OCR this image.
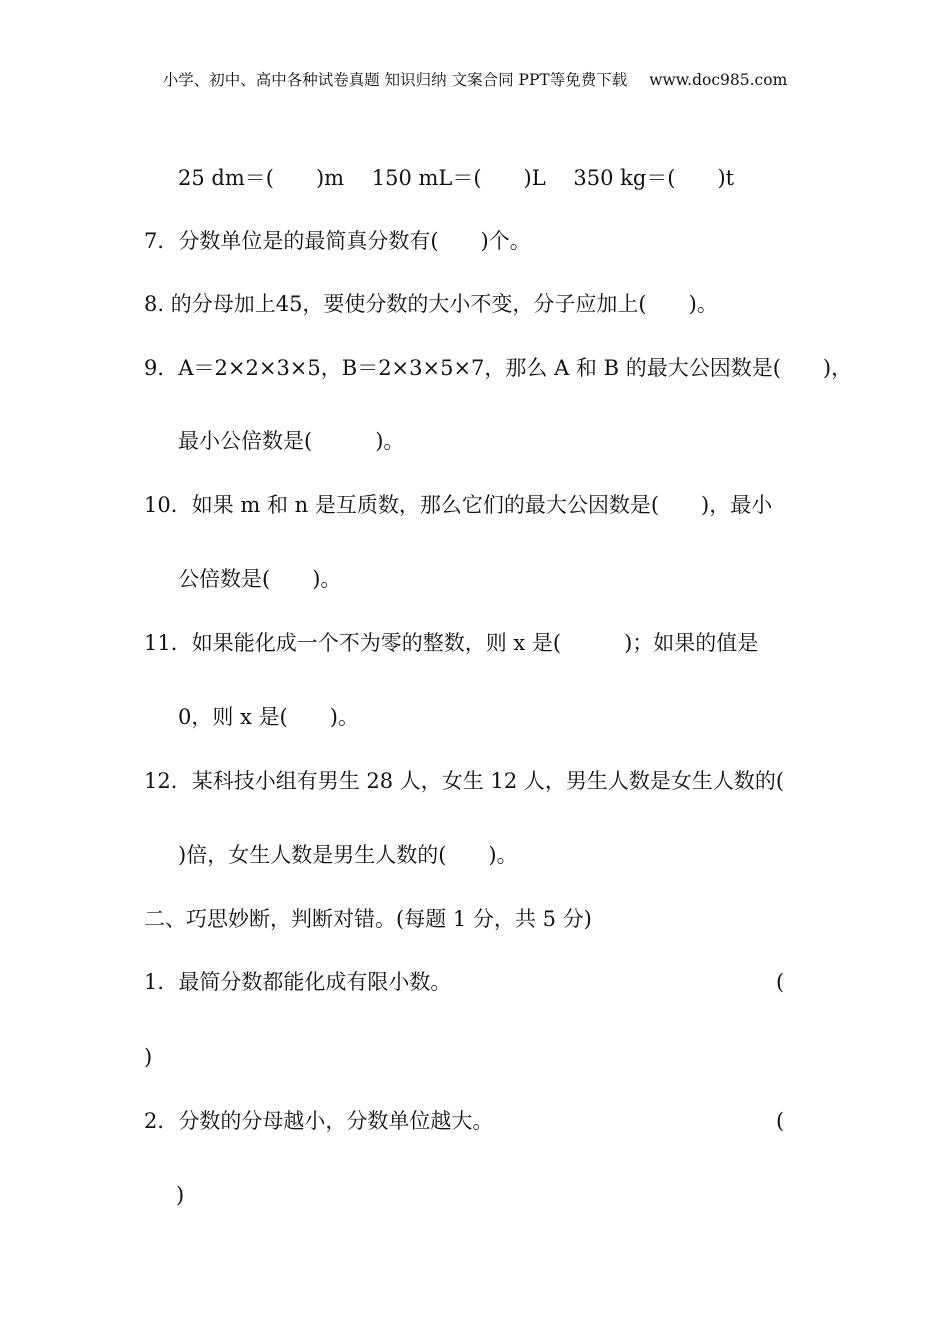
小学、初中、高中各种试卷真题 知识归纳 文案合同 PPT等免费下载 www.doc985.com
25 dm＝(　　)m　 150 mL＝(　　)L　 350 kg＝(　　)t
7．分数单位是的最简真分数有(　　)个。
8. 的分母加上45，要使分数的大小不变，分子应加上(　　)。
9．A＝2×2×3×5，B＝2×3×5×7，那么 A 和 B 的最大公因数是(　　)，
最小公倍数是(　　　)。
10．如果 m 和 n 是互质数，那么它们的最大公因数是(　　)，最小
公倍数是(　　)。
11．如果能化成一个不为零的整数，则 x 是(　　　)；如果的值是
0，则 x 是(　　)。
12．某科技小组有男生 28 人，女生 12 人，男生人数是女生人数的(
)倍，女生人数是男生人数的(　　)。
二、巧思妙断，判断对错。(每题 1 分，共 5 分)
1．最简分数都能化成有限小数。	(
)
2．分数的分母越小，分数单位越大。	(
)
